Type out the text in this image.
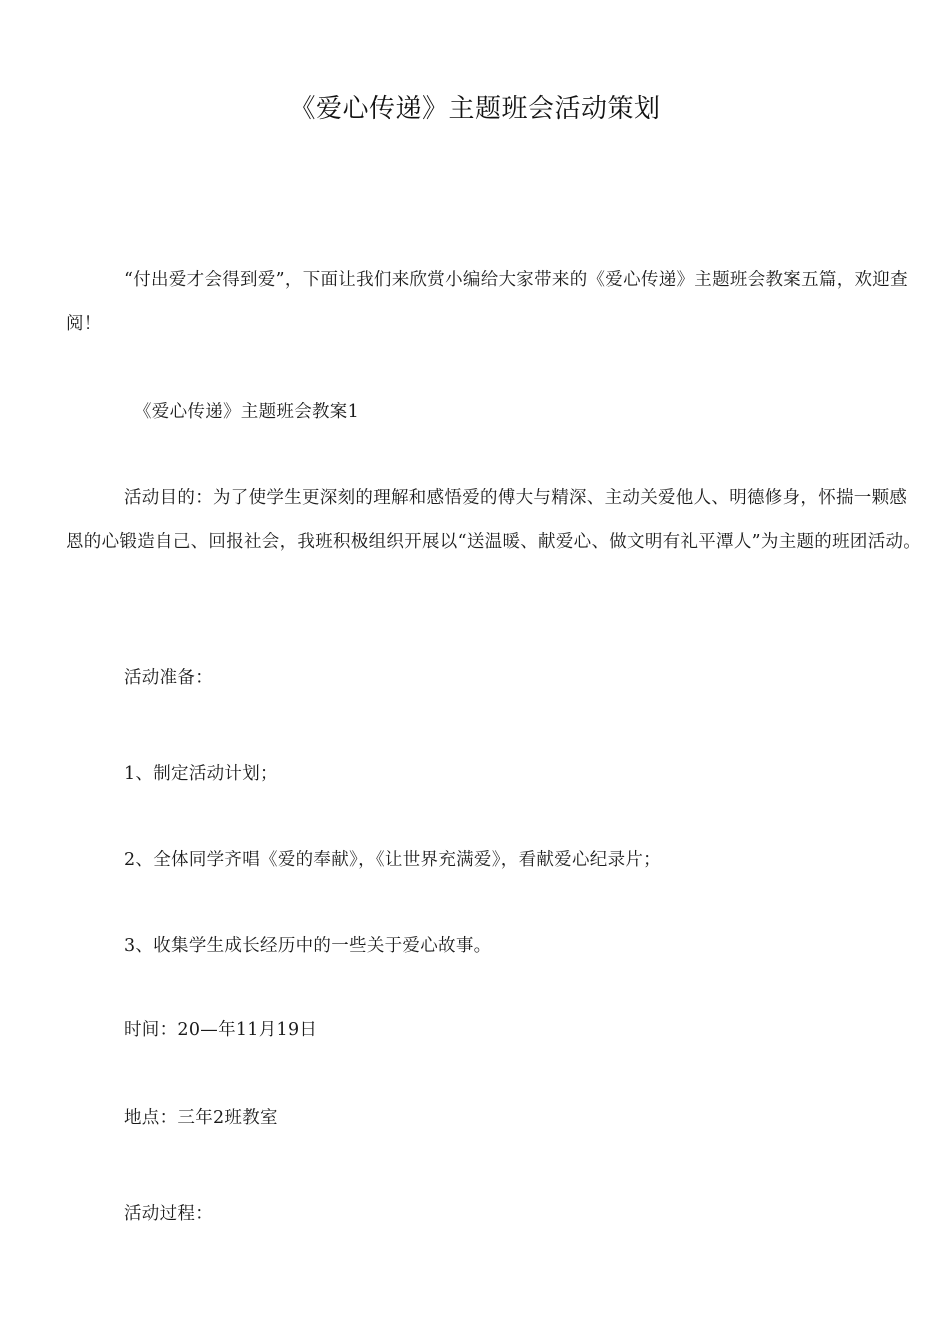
《爱心传递》主题班会活动策划
“付出爱才会得到爱”，下面让我们来欣赏小编给大家带来的《爱心传递》主题班会教案五篇，欢迎查阅！
《爱心传递》主题班会教案1
活动目的：为了使学生更深刻的理解和感悟爱的傅大与精深、主动关爱他人、明德修身，怀揣一颗感恩的心锻造自己、回报社会，我班积极组织开展以“送温暖、献爱心、做文明有礼平潭人”为主题的班团活动。
活动准备：
1、制定活动计划；
2、全体同学齐唱《爱的奉献》，《让世界充满爱》，看献爱心纪录片；
3、收集学生成长经历中的一些关于爱心故事。
时间：20—年11月19日
地点：三年2班教室
活动过程：
